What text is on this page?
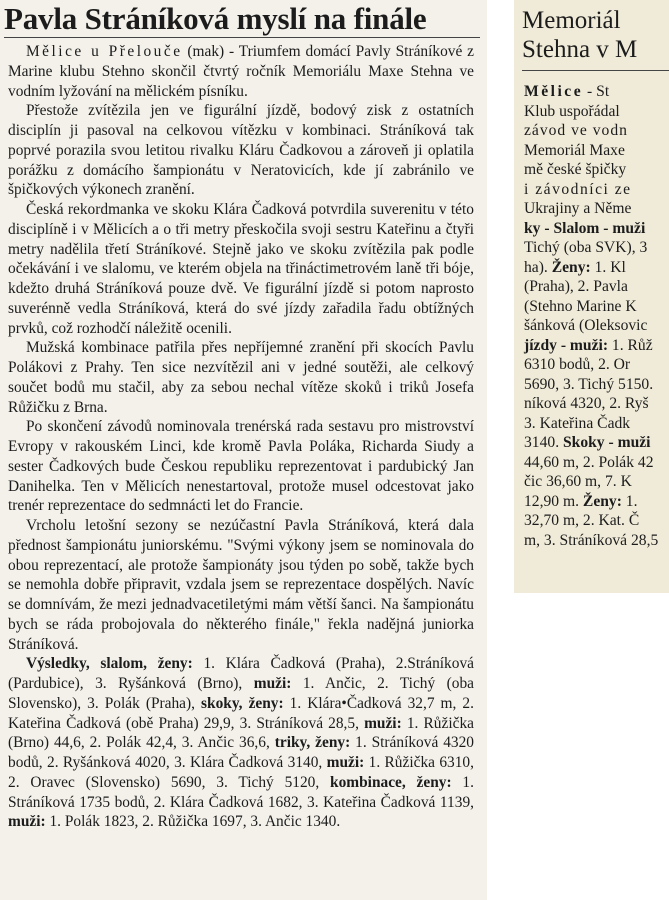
Pavla Stráníková myslí na finále

Mělice u Přelouče (mak) - Triumfem domácí Pavly Stráníkové z Marine klubu Stehno skončil čtvrtý ročník Memoriálu Maxe Stehna ve vodním lyžování na mělickém písníku.

Přestože zvítězila jen ve figurální jízdě, bodový zisk z ostatních disciplín ji pasoval na celkovou vítězku v kombinaci. Stráníková tak poprvé porazila svou letitou rivalku Kláru Čadkovou a zároveň ji oplatila porážku z domácího šampionátu v Neratovicích, kde jí zabránilo ve špičkových výkonech zranění.

Česká rekordmanka ve skoku Klára Čadková potvrdila suverenitu v této disciplíně i v Mělicích a o tři metry přeskočila svoji sestru Kateřinu a čtyři metry nadělila třetí Stráníkové. Stejně jako ve skoku zvítězila pak podle očekávání i ve slalomu, ve kterém objela na třináctimetrovém laně tři bóje, kdežto druhá Stráníková pouze dvě. Ve figurální jízdě si potom naprosto suverénně vedla Stráníková, která do své jízdy zařadila řadu obtížných prvků, což rozhodčí náležitě ocenili.

Mužská kombinace patřila přes nepříjemné zranění při skocích Pavlu Polákovi z Prahy. Ten sice nezvítězil ani v jedné soutěži, ale celkový součet bodů mu stačil, aby za sebou nechal vítěze skoků i triků Josefa Růžičku z Brna.

Po skončení závodů nominovala trenérská rada sestavu pro mistrovství Evropy v rakouském Linci, kde kromě Pavla Poláka, Richarda Siudy a sester Čadkových bude Českou republiku reprezentovat i pardubický Jan Danihelka. Ten v Mělicích nenestartoval, protože musel odcestovat jako trenér reprezentace do sedmnácti let do Francie.

Vrcholu letošní sezony se nezúčastní Pavla Stráníková, která dala přednost šampionátu juniorskému. "Svými výkony jsem se nominovala do obou reprezentací, ale protože šampionáty jsou týden po sobě, takže bych se nemohla dobře připravit, vzdala jsem se reprezentace dospělých. Navíc se domnívám, že mezi jednadvacetiletými mám větší šanci. Na šampionátu bych se ráda probojovala do některého finále," řekla nadějná juniorka Stráníková.

Výsledky, slalom, ženy: 1. Klára Čadková (Praha), 2.Stráníková (Pardubice), 3. Ryšánková (Brno), muži: 1. Ančic, 2. Tichý (oba Slovensko), 3. Polák (Praha), skoky, ženy: 1. Klára•Čadková 32,7 m, 2. Kateřina Čadková (obě Praha) 29,9, 3. Stráníková 28,5, muži: 1. Růžička (Brno) 44,6, 2. Polák 42,4, 3. Ančic 36,6, triky, ženy: 1. Stráníková 4320 bodů, 2. Ryšánková 4020, 3. Klára Čadková 3140, muži: 1. Růžička 6310, 2. Oravec (Slovensko) 5690, 3. Tichý 5120, kombinace, ženy: 1. Stráníková 1735 bodů, 2. Klára Čadková 1682, 3. Kateřina Čadková 1139, muži: 1. Polák 1823, 2. Růžička 1697, 3. Ančic 1340.

Memoriál
Stehna v M
Mělice - St
Klub uspořádal
závod ve vodn
Memoriál Maxe
mě české špičky
i závodníci ze
Ukrajiny a Něme
ky - Slalom - muži
Tichý (oba SVK), 3
ha). Ženy: 1. Kl
(Praha), 2. Pavla
(Stehno Marine K
šánková (Oleksovic
jízdy - muži: 1. Růž
6310 bodů, 2. Or
5690, 3. Tichý 5150.
níková 4320, 2. Ryš
3. Kateřina Čadk
3140. Skoky - muži
44,60 m, 2. Polák 42
čic 36,60 m, 7. K
12,90 m. Ženy: 1.
32,70 m, 2. Kat. Č
m, 3. Stráníková 28,5
